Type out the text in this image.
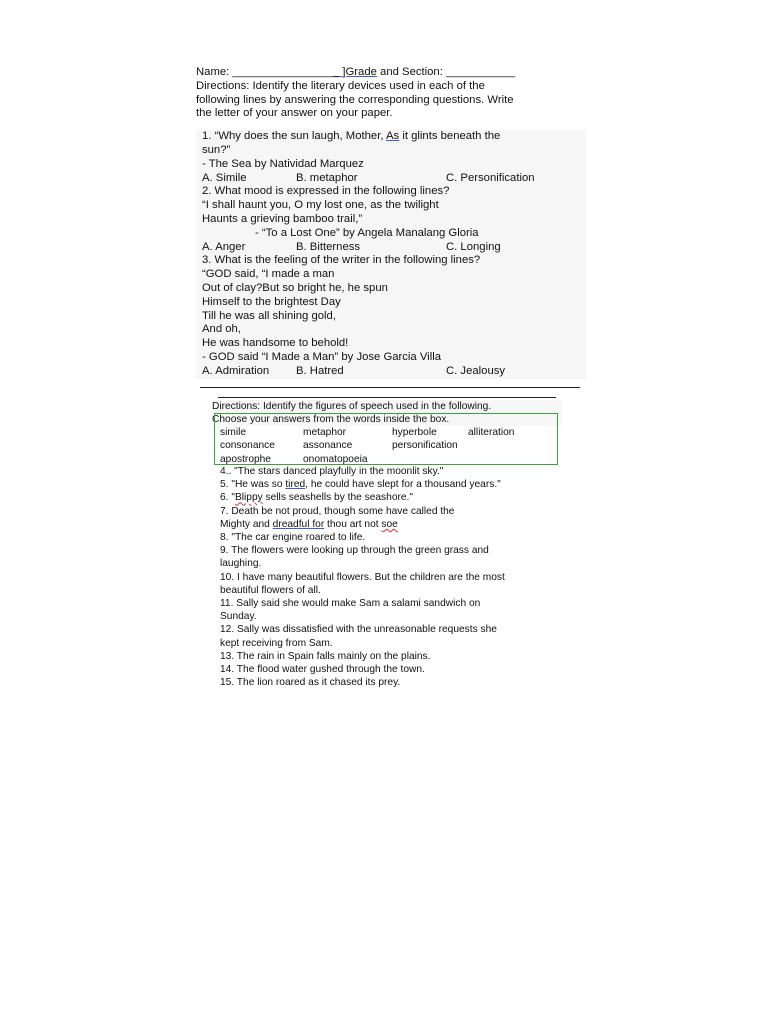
Name: _________________ ]Grade and Section: ___________
Directions: Identify the literary devices used in each of the
following lines by answering the corresponding questions. Write
the letter of your answer on your paper.
1. “Why does the sun laugh, Mother, As it glints beneath the
sun?”
- The Sea by Natividad Marquez
A. Simile	B. metaphor	C. Personification
2. What mood is expressed in the following lines?
“I shall haunt you, O my lost one, as the twilight
Haunts a grieving bamboo trail,”
- “To a Lost One” by Angela Manalang Gloria
A. Anger	B. Bitterness	C. Longing
3. What is the feeling of the writer in the following lines?
“GOD said, “I made a man
Out of clay?But so bright he, he spun
Himself to the brightest Day
Till he was all shining gold,
And oh,
He was handsome to behold!
- GOD said “I Made a Man” by Jose Garcia Villa
A. Admiration	B. Hatred	C. Jealousy
Directions: Identify the figures of speech used in the following.
Choose your answers from the words inside the box.
simile	metaphor	hyperbole	alliteration
consonance	assonance	personification
apostrophe	onomatopoeia
4.. "The stars danced playfully in the moonlit sky."
5. "He was so tired, he could have slept for a thousand years."
6. "Blippy sells seashells by the seashore."
7. Death be not proud, though some have called the
Mighty and dreadful for thou art not soe
8. "The car engine roared to life.
9. The flowers were looking up through the green grass and
laughing.
10. I have many beautiful flowers. But the children are the most
beautiful flowers of all.
11. Sally said she would make Sam a salami sandwich on
Sunday.
12. Sally was dissatisfied with the unreasonable requests she
kept receiving from Sam.
13. The rain in Spain falls mainly on the plains.
14. The flood water gushed through the town.
15. The lion roared as it chased its prey.
